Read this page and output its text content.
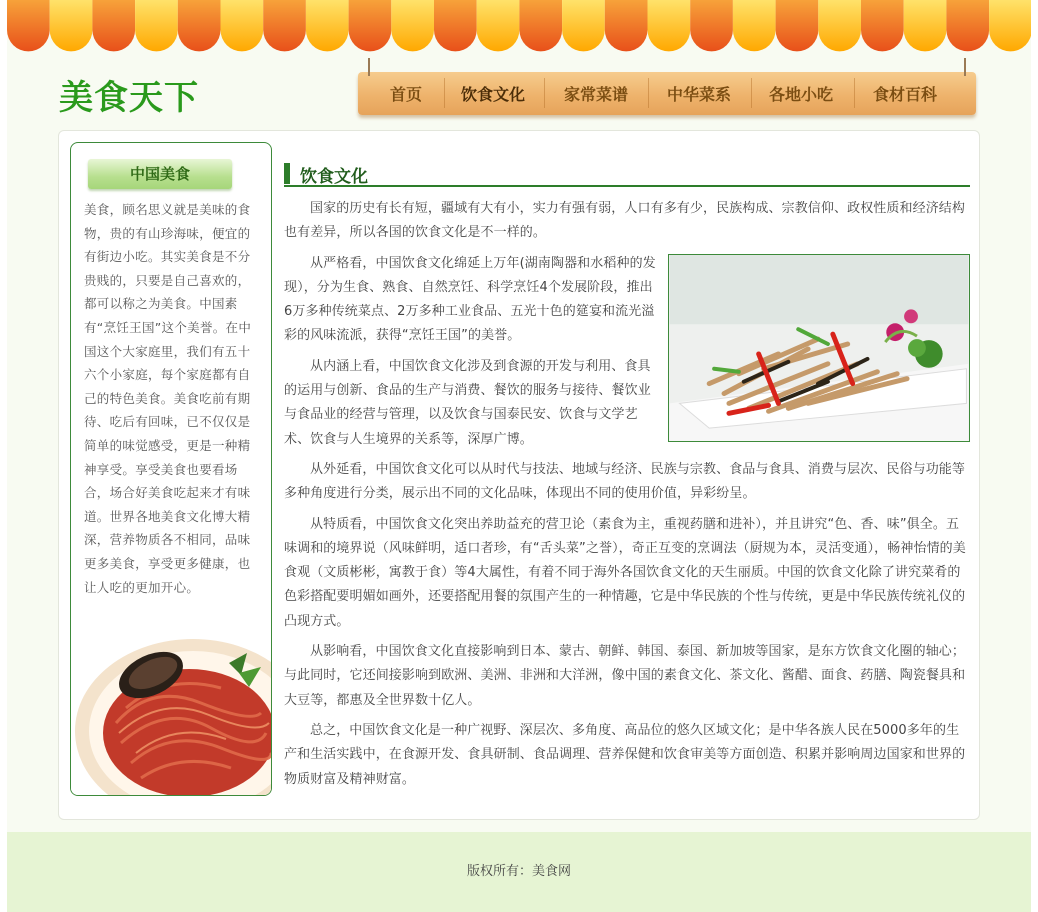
美食天下	首页 饮食文化 家常菜谱 中华菜系 各地小吃 食材百科
中国美食
美食，顾名思义就是美味的食物，贵的有山珍海味，便宜的有街边小吃。其实美食是不分贵贱的，只要是自己喜欢的，都可以称之为美食。中国素有“烹饪王国”这个美誉。在中国这个大家庭里，我们有五十六个小家庭，每个家庭都有自己的特色美食。美食吃前有期待、吃后有回味，已不仅仅是简单的味觉感受，更是一种精神享受。享受美食也要看场合，场合好美食吃起来才有味道。世界各地美食文化博大精深，营养物质各不相同，品味更多美食，享受更多健康，也让人吃的更加开心。
饮食文化

国家的历史有长有短，疆域有大有小，实力有强有弱，人口有多有少，民族构成、宗教信仰、政权性质和经济结构也有差异，所以各国的饮食文化是不一样的。

从严格看，中国饮食文化绵延上万年(湖南陶器和水稻种的发现），分为生食、熟食、自然烹饪、科学烹饪4个发展阶段，推出6万多种传统菜点、2万多种工业食品、五光十色的筵宴和流光溢彩的风味流派，获得“烹饪王国”的美誉。

从内涵上看，中国饮食文化涉及到食源的开发与利用、食具的运用与创新、食品的生产与消费、餐饮的服务与接待、餐饮业与食品业的经营与管理，以及饮食与国泰民安、饮食与文学艺术、饮食与人生境界的关系等，深厚广博。

从外延看，中国饮食文化可以从时代与技法、地域与经济、民族与宗教、食品与食具、消费与层次、民俗与功能等多种角度进行分类，展示出不同的文化品味，体现出不同的使用价值，异彩纷呈。

从特质看，中国饮食文化突出养助益充的营卫论（素食为主，重视药膳和进补），并且讲究“色、香、味”俱全。五味调和的境界说（风味鲜明，适口者珍，有“舌头菜”之誉），奇正互变的烹调法（厨规为本，灵活变通），畅神怡情的美食观（文质彬彬，寓教于食）等4大属性，有着不同于海外各国饮食文化的天生丽质。中国的饮食文化除了讲究菜肴的色彩搭配要明媚如画外，还要搭配用餐的氛围产生的一种情趣，它是中华民族的个性与传统，更是中华民族传统礼仪的凸现方式。

从影响看，中国饮食文化直接影响到日本、蒙古、朝鲜、韩国、泰国、新加坡等国家，是东方饮食文化圈的轴心；与此同时，它还间接影响到欧洲、美洲、非洲和大洋洲，像中国的素食文化、茶文化、酱醋、面食、药膳、陶瓷餐具和大豆等，都惠及全世界数十亿人。

总之，中国饮食文化是一种广视野、深层次、多角度、高品位的悠久区域文化；是中华各族人民在5000多年的生产和生活实践中，在食源开发、食具研制、食品调理、营养保健和饮食审美等方面创造、积累并影响周边国家和世界的物质财富及精神财富。

版权所有：美食网
